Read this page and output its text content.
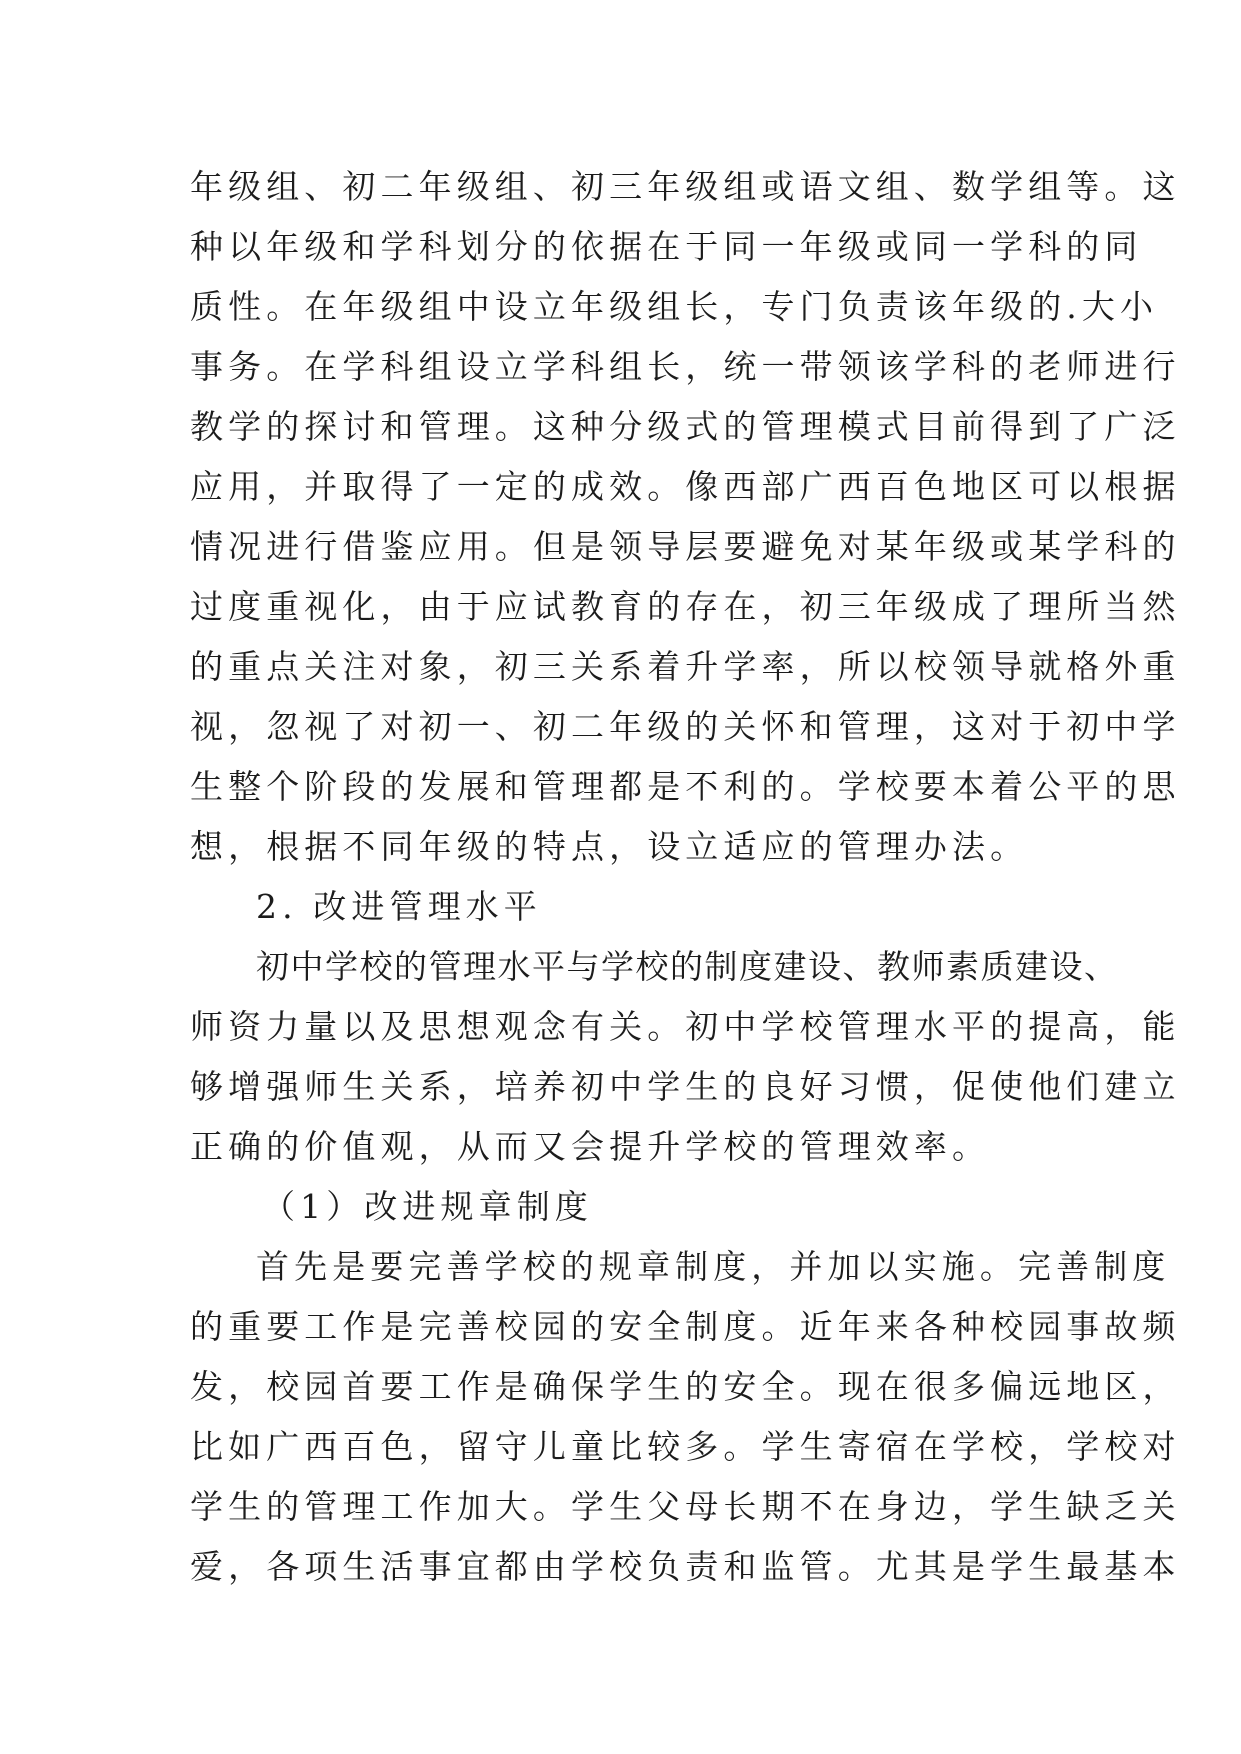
年级组、初二年级组、初三年级组或语文组、数学组等。这
种以年级和学科划分的依据在于同一年级或同一学科的同
质性。在年级组中设立年级组长，专门负责该年级的.大小
事务。在学科组设立学科组长，统一带领该学科的老师进行
教学的探讨和管理。这种分级式的管理模式目前得到了广泛
应用，并取得了一定的成效。像西部广西百色地区可以根据
情况进行借鉴应用。但是领导层要避免对某年级或某学科的
过度重视化，由于应试教育的存在，初三年级成了理所当然
的重点关注对象，初三关系着升学率，所以校领导就格外重
视，忽视了对初一、初二年级的关怀和管理，这对于初中学
生整个阶段的发展和管理都是不利的。学校要本着公平的思
想，根据不同年级的特点，设立适应的管理办法。
2. 改进管理水平
初中学校的管理水平与学校的制度建设、教师素质建设、
师资力量以及思想观念有关。初中学校管理水平的提高，能
够增强师生关系，培养初中学生的良好习惯，促使他们建立
正确的价值观，从而又会提升学校的管理效率。
（1）改进规章制度
首先是要完善学校的规章制度，并加以实施。完善制度
的重要工作是完善校园的安全制度。近年来各种校园事故频
发，校园首要工作是确保学生的安全。现在很多偏远地区，
比如广西百色，留守儿童比较多。学生寄宿在学校，学校对
学生的管理工作加大。学生父母长期不在身边，学生缺乏关
爱，各项生活事宜都由学校负责和监管。尤其是学生最基本
